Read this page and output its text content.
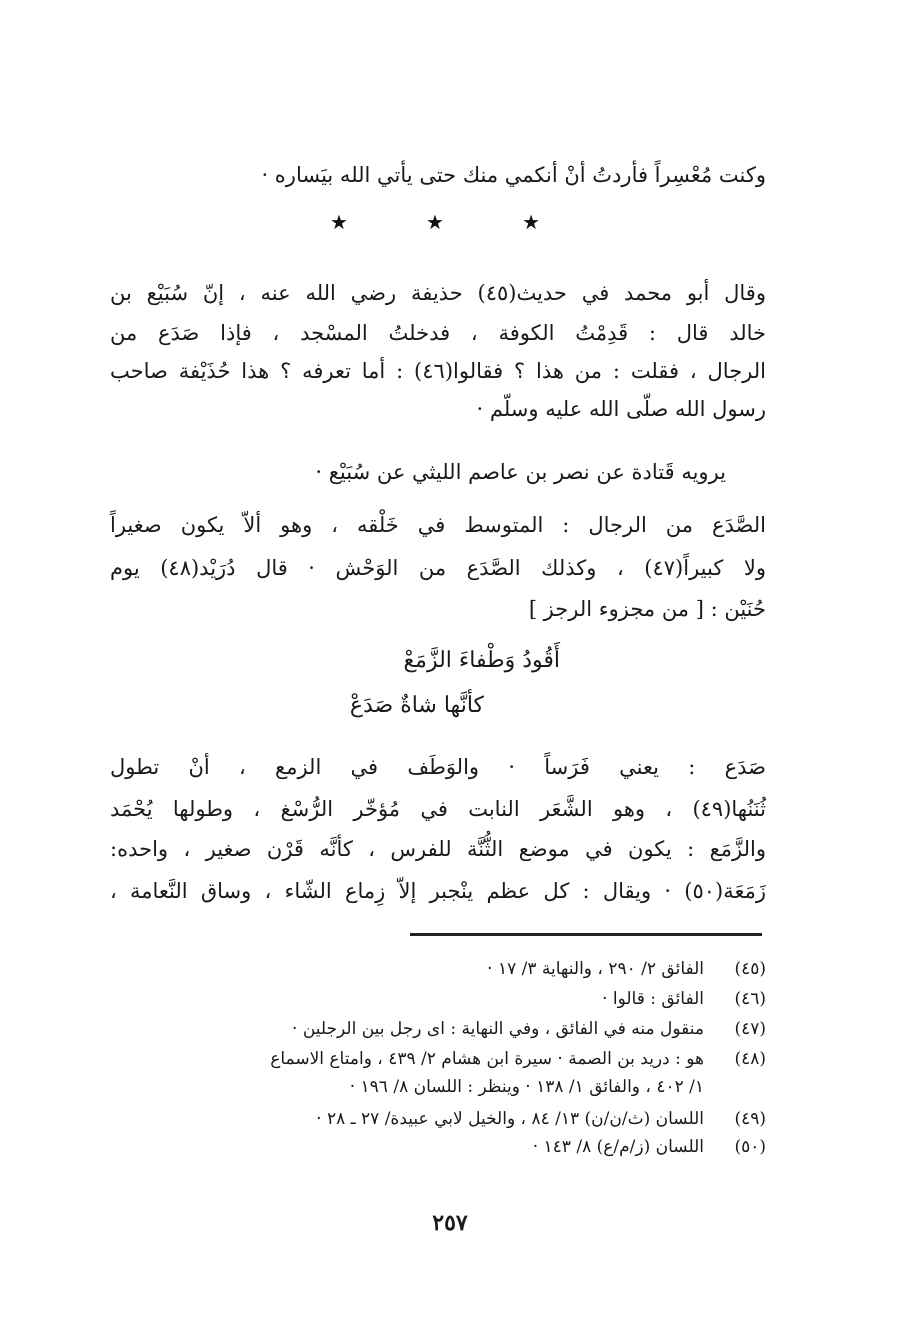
وكنت مُعْسِراً فأردتُ أنْ أنكمي منك حتى يأتي الله بيَساره ·
★	★	★
وقال أبو محمد في حديث(٤٥) حذيفة رضي الله عنه ، إنّ سُبَيْع بن
خالد قال : قَدِمْتُ الكوفة ، فدخلتُ المسْجد ، فإذا صَدَع من
الرجال ، فقلت : من هذا ؟ فقالوا(٤٦) : أما تعرفه ؟ هذا حُذَيْفة صاحب
رسول الله صلّى الله عليه وسلّم ·
يرويه قَتادة عن نصر بن عاصم الليثي عن سُبَيْع ·
الصَّدَع من الرجال : المتوسط في خَلْقه ، وهو ألاّ يكون صغيراً
ولا كبيراً(٤٧) ، وكذلك الصَّدَع من الوَحْش · قال دُرَيْد(٤٨) يوم
حُنَيْن : [ من مجزوء الرجز ]
أَقُودُ وَطْفاءَ الزَّمَعْ
كأنَّها شاةٌ صَدَعْ
صَدَع : يعني فَرَساً · والوَطَف في الزمع ، أنْ تطول
ثُنَنُها(٤٩) ، وهو الشَّعَر النابت في مُؤخّر الرُّسْغ ، وطولها يُحْمَد
والزَّمَع : يكون في موضع الثُّنَّة للفرس ، كأنَّه قَرْن صغير ، واحده:
زَمَعَة(٥٠) · ويقال : كل عظم ينْجبر إلاّ زِماع الشّاء ، وساق النَّعامة ،
(٤٥)
الفائق ٢/ ٢٩٠ ، والنهاية ٣/ ١٧ ·
(٤٦)
الفائق : قالوا ·
(٤٧)
منقول منه في الفائق ، وفي النهاية : اى رجل بين الرجلين ·
(٤٨)
هو : دريد بن الصمة · سيرة ابن هشام ٢/ ٤٣٩ ، وامتاع الاسماع
١/ ٤٠٢ ، والفائق ١/ ١٣٨ · وينظر : اللسان ٨/ ١٩٦ ·
(٤٩)
اللسان (ث/ن/ن) ١٣/ ٨٤ ، والخيل لابي عبيدة/ ٢٧ ـ ٢٨ ·
(٥٠)
اللسان (ز/م/ع) ٨/ ١٤٣ ·
٢٥٧
